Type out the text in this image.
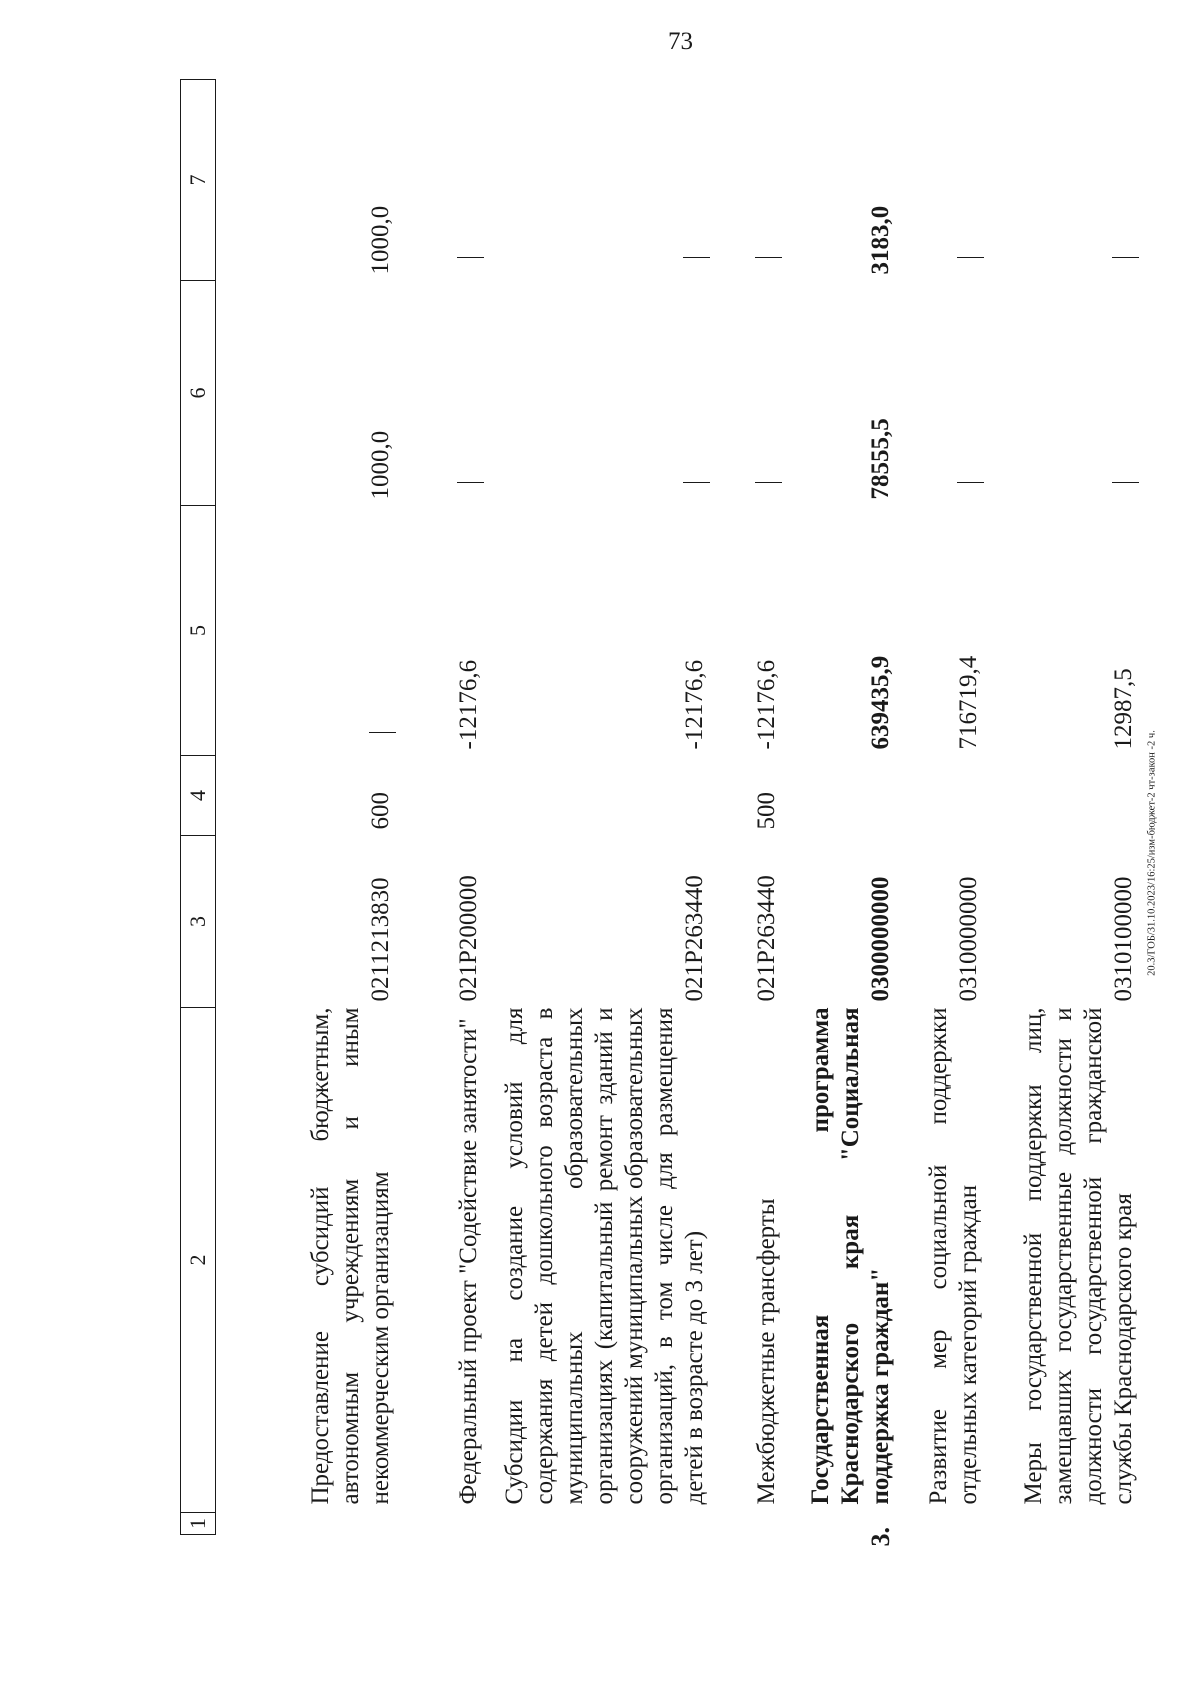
73
20.3/ГОБ/31.10.2023/16:25/изм-бюджет-2 чт-закон -2 ч.
1	2	3	4	5	6	7
	Предоставление субсидий бюджетным, автономным учреждениям и иным некоммерческим организациям	0211213830	600		1000,0	1000,0
	Федеральный проект "Содействие занятости"	021P200000		-12176,6		
	Субсидии на создание условий для содержания детей дошкольного возраста в муниципальных образовательных организациях (капитальный ремонт зданий и сооружений муниципальных образовательных организаций, в том числе для размещения детей в возрасте до 3 лет)	021P263440		-12176,6		
	Межбюджетные трансферты	021P263440	500	-12176,6		
3.	Государственная программа Краснодарского края "Социальная поддержка граждан"	0300000000		639435,9	78555,5	3183,0
	Развитие мер социальной поддержки отдельных категорий граждан	0310000000		716719,4		
	Меры государственной поддержки лиц, замещавших государственные должности и должности государственной гражданской службы Краснодарского края	0310100000		12987,5		
